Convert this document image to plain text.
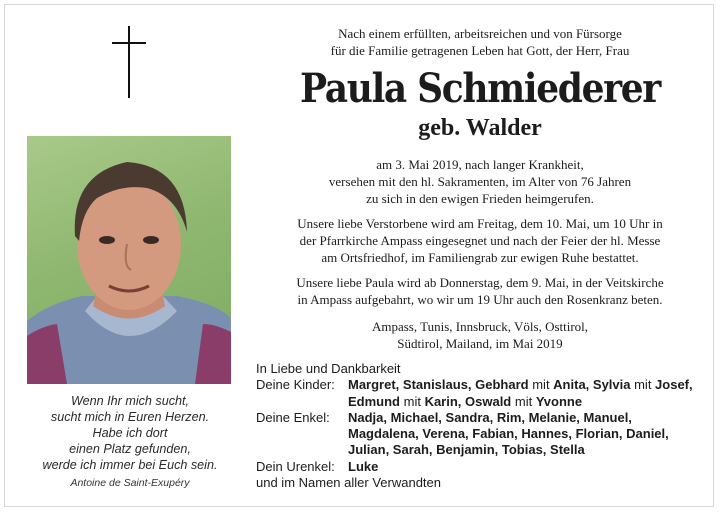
Wenn Ihr mich sucht,
sucht mich in Euren Herzen.
Habe ich dort
einen Platz gefunden,
werde ich immer bei Euch sein.
Antoine de Saint-Exupéry
Nach einem erfüllten, arbeitsreichen und von Fürsorge
für die Familie getragenen Leben hat Gott, der Herr, Frau
Paula Schmiederer
geb. Walder
am 3. Mai 2019, nach langer Krankheit,
versehen mit den hl. Sakramenten, im Alter von 76 Jahren
zu sich in den ewigen Frieden heimgerufen.
Unsere liebe Verstorbene wird am Freitag, dem 10. Mai, um 10 Uhr in
der Pfarrkirche Ampass eingesegnet und nach der Feier der hl. Messe
am Ortsfriedhof, im Familiengrab zur ewigen Ruhe bestattet.
Unsere liebe Paula wird ab Donnerstag, dem 9. Mai, in der Veitskirche
in Ampass aufgebahrt, wo wir um 19 Uhr auch den Rosenkranz beten.
Ampass, Tunis, Innsbruck, Völs, Osttirol,
Südtirol, Mailand, im Mai 2019
In Liebe und Dankbarkeit
Deine Kinder:	Margret, Stanislaus, Gebhard mit Anita, Sylvia mit Josef,
Edmund mit Karin, Oswald mit Yvonne
Deine Enkel:	Nadja, Michael, Sandra, Rim, Melanie, Manuel,
Magdalena, Verena, Fabian, Hannes, Florian, Daniel,
Julian, Sarah, Benjamin, Tobias, Stella
Dein Urenkel:	Luke
und im Namen aller Verwandten
